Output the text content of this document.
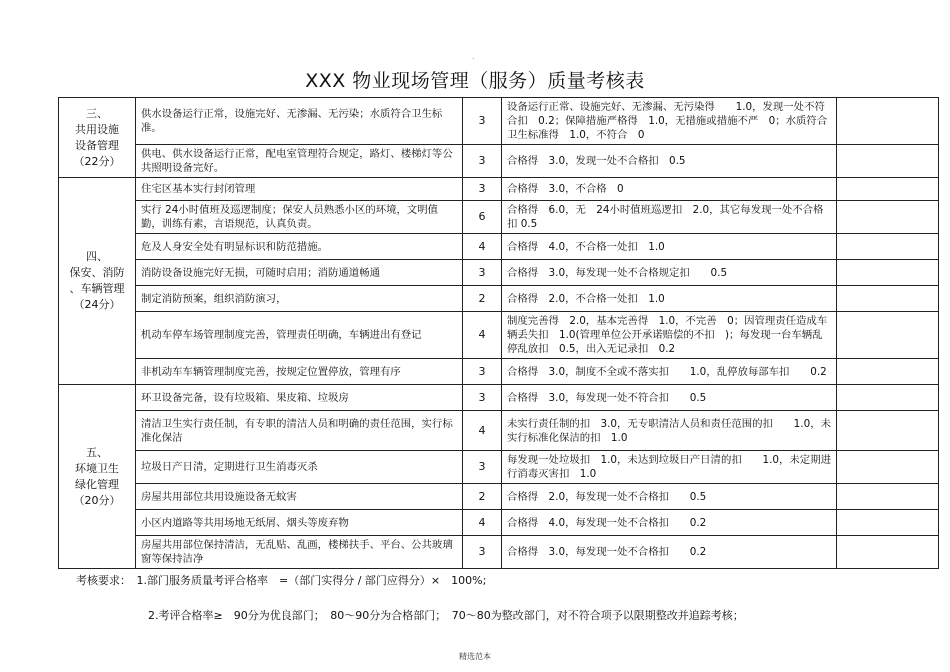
.
XXX 物业现场管理（服务）质量考核表
三、
共用设施
设备管理
（22分）	供水设备运行正常，设施完好、无渗漏、无污染；水质符合卫生标准。	3	设备运行正常、设施完好、无渗漏、无污染得　　1.0，发现一处不符合扣　0.2；保障措施严格得　1.0，无措施或措施不严　0；水质符合卫生标准得　1.0，不符合　0	
	供电、供水设备运行正常，配电室管理符合规定，路灯、楼梯灯等公共照明设备完好。	3	合格得　3.0，发现一处不合格扣　0.5	

四、
保安、消防
、车辆管理
（24分）	住宅区基本实行封闭管理	3	合格得　3.0，不合格　0	
	实行 24小时值班及巡逻制度；保安人员熟悉小区的环境，文明值勤，训练有素，言语规范，认真负责。	6	合格得　6.0，无　24小时值班巡逻扣　2.0，其它每发现一处不合格扣 0.5	
	危及人身安全处有明显标识和防范措施。	4	合格得　4.0，不合格一处扣　1.0	
	消防设备设施完好无损，可随时启用；消防通道畅通	3	合格得　3.0，每发现一处不合格规定扣　　0.5	
	制定消防预案，组织消防演习，	2	合格得　2.0，不合格一处扣　1.0	
	机动车停车场管理制度完善，管理责任明确，车辆进出有登记	4	制度完善得　2.0，基本完善得　1.0，不完善　0；因管理责任造成车辆丢失扣　1.0(管理单位公开承诺赔偿的不扣　)；每发现一台车辆乱停乱放扣　0.5，出入无记录扣　0.2	
	非机动车车辆管理制度完善，按规定位置停放，管理有序	3	合格得　3.0，制度不全或不落实扣　　1.0，乱停放每部车扣　　0.2	

五、
环境卫生
绿化管理
（20分）	环卫设备完备，设有垃圾箱、果皮箱、垃圾房	3	合格得　3.0，每发现一处不符合扣　　0.5	
	清洁卫生实行责任制，有专职的清洁人员和明确的责任范围，实行标准化保洁	4	未实行责任制的扣　3.0，无专职清洁人员和责任范围的扣　　1.0，未实行标准化保洁的扣　1.0	
	垃圾日产日清，定期进行卫生消毒灭杀	3	每发现一处垃圾扣　1.0，未达到垃圾日产日清的扣　　1.0，未定期进行消毒灭害扣　1.0	
	房屋共用部位共用设施设备无蚊害	2	合格得　2.0，每发现一处不合格扣　　0.5	
	小区内道路等共用场地无纸屑、烟头等废弃物	4	合格得　4.0，每发现一处不合格扣　　0.2	
	房屋共用部位保持清洁，无乱贴、乱画，楼梯扶手、平台、公共玻璃窗等保持洁净	3	合格得　3.0，每发现一处不合格扣　　0.2	
考核要求：　1.部门服务质量考评合格率　=（部门实得分 / 部门应得分）×　100%;
2.考评合格率≥　90分为优良部门；　80～90分为合格部门；　70～80为整改部门，对不符合项予以限期整改并追踪考核；
精选范本
